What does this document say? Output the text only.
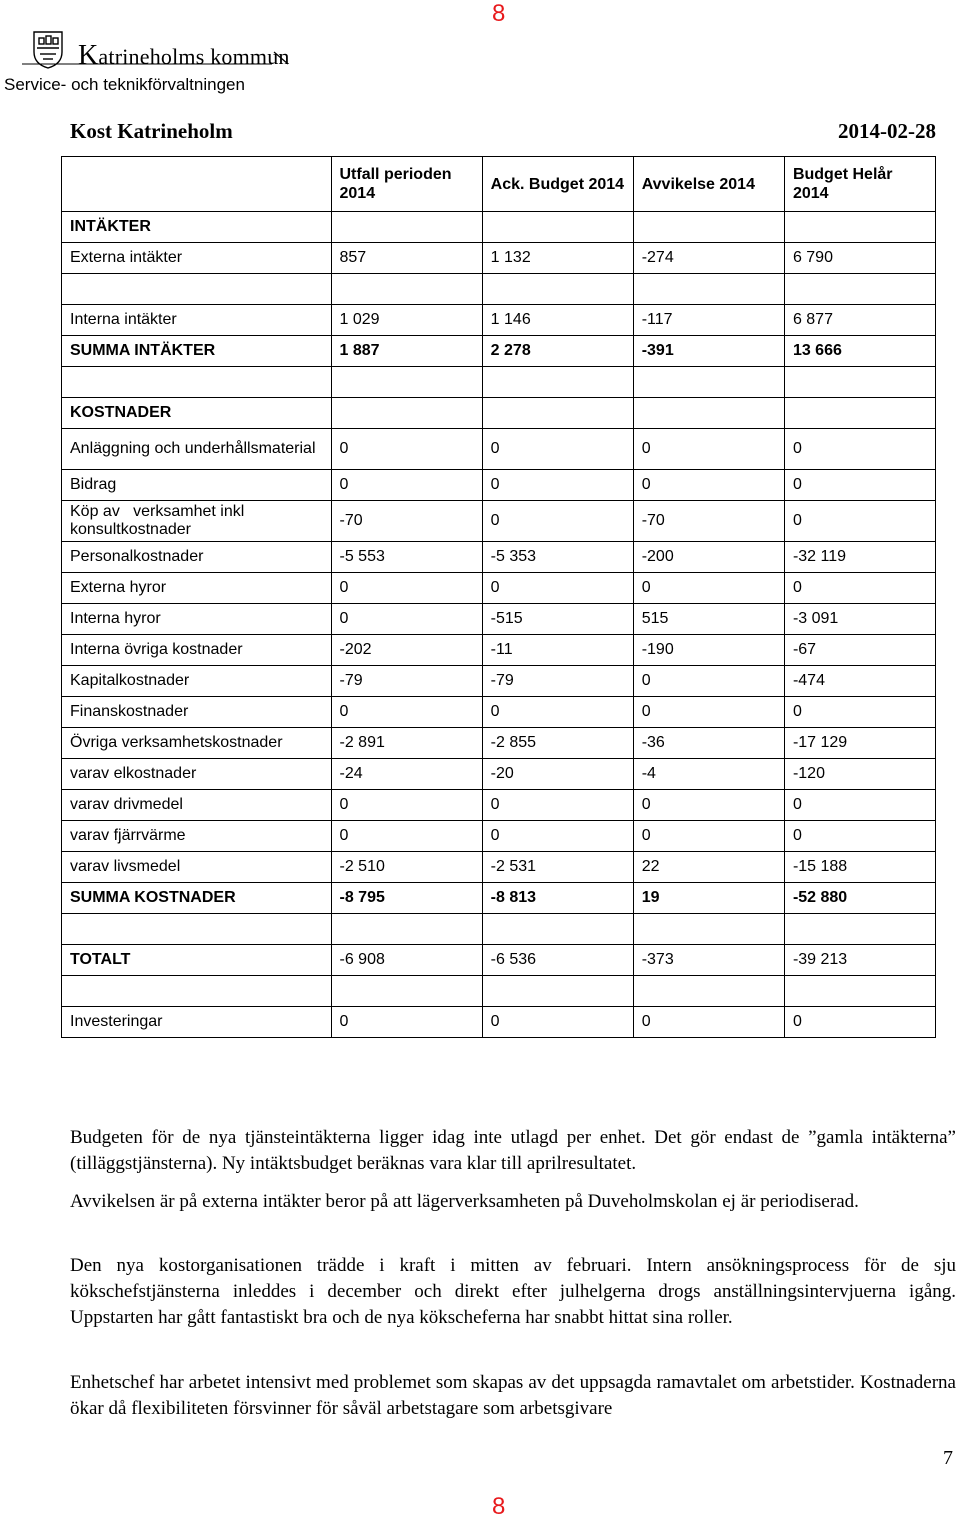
8
Katrineholms kommun
Service- och teknikförvaltningen
Kost Katrineholm	2014-02-28
	Utfall perioden 2014	Ack. Budget 2014	Avvikelse 2014	Budget Helår 2014
INTÄKTER				
Externa intäkter	857	1 132	-274	6 790

Interna intäkter	1 029	1 146	-117	6 877
SUMMA INTÄKTER	1 887	2 278	-391	13 666

KOSTNADER				
Anläggning och underhållsmaterial	0	0	0	0
Bidrag	0	0	0	0
Köp av   verksamhet inkl konsultkostnader	-70	0	-70	0
Personalkostnader	-5 553	-5 353	-200	-32 119
Externa hyror	0	0	0	0
Interna hyror	0	-515	515	-3 091
Interna övriga kostnader	-202	-11	-190	-67
Kapitalkostnader	-79	-79	0	-474
Finanskostnader	0	0	0	0
Övriga verksamhetskostnader	-2 891	-2 855	-36	-17 129
varav elkostnader	-24	-20	-4	-120
varav drivmedel	0	0	0	0
varav fjärrvärme	0	0	0	0
varav livsmedel	-2 510	-2 531	22	-15 188
SUMMA KOSTNADER	-8 795	-8 813	19	-52 880

TOTALT	-6 908	-6 536	-373	-39 213

Investeringar	0	0	0	0

Budgeten för de nya tjänsteintäkterna ligger idag inte utlagd per enhet. Det gör endast de ”gamla intäkterna” (tilläggstjänsterna). Ny intäktsbudget beräknas vara klar till aprilresultatet.

Avvikelsen är på externa intäkter beror på att lägerverksamheten på Duveholmskolan ej är periodiserad.

Den nya kostorganisationen trädde i kraft i mitten av februari. Intern ansökningsprocess för de sju kökschefstjänsterna inleddes i december och direkt efter julhelgerna drogs anställningsintervjuerna igång. Uppstarten har gått fantastiskt bra och de nya kökscheferna har snabbt hittat sina roller.

Enhetschef har arbetet intensivt med problemet som skapas av det uppsagda ramavtalet om arbetstider. Kostnaderna ökar då flexibiliteten försvinner för såväl arbetstagare som arbetsgivare

7
8
